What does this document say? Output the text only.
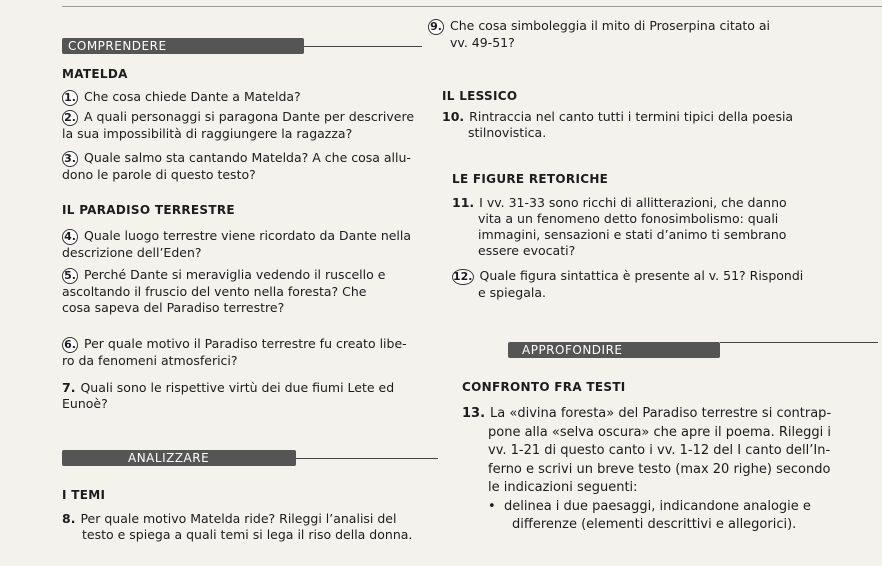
COMPRENDERE
MATELDA
1. Che cosa chiede Dante a Matelda?
2. A quali personaggi si paragona Dante per descrivere
la sua impossibilità di raggiungere la ragazza?
3. Quale salmo sta cantando Matelda? A che cosa allu-
dono le parole di questo testo?
IL PARADISO TERRESTRE
4. Quale luogo terrestre viene ricordato da Dante nella
descrizione dell’Eden?
5. Perché Dante si meraviglia vedendo il ruscello e
ascoltando il fruscio del vento nella foresta? Che
cosa sapeva del Paradiso terrestre?
6. Per quale motivo il Paradiso terrestre fu creato libe-
ro da fenomeni atmosferici?
7. Quali sono le rispettive virtù dei due fiumi Lete ed
Eunoè?
ANALIZZARE
I TEMI
8. Per quale motivo Matelda ride? Rileggi l’analisi del
testo e spiega a quali temi si lega il riso della donna.
9. Che cosa simboleggia il mito di Proserpina citato ai
vv. 49-51?
IL LESSICO
10. Rintraccia nel canto tutti i termini tipici della poesia
stilnovistica.
LE FIGURE RETORICHE
11. I vv. 31-33 sono ricchi di allitterazioni, che danno
vita a un fenomeno detto fonosimbolismo: quali
immagini, sensazioni e stati d’animo ti sembrano
essere evocati?
12. Quale figura sintattica è presente al v. 51? Rispondi
e spiegala.
APPROFONDIRE
CONFRONTO FRA TESTI
13. La «divina foresta» del Paradiso terrestre si contrap-
pone alla «selva oscura» che apre il poema. Rileggi i
vv. 1-21 di questo canto i vv. 1-12 del I canto dell’In-
ferno e scrivi un breve testo (max 20 righe) secondo
le indicazioni seguenti:
• delinea i due paesaggi, indicandone analogie e
differenze (elementi descrittivi e allegorici).
